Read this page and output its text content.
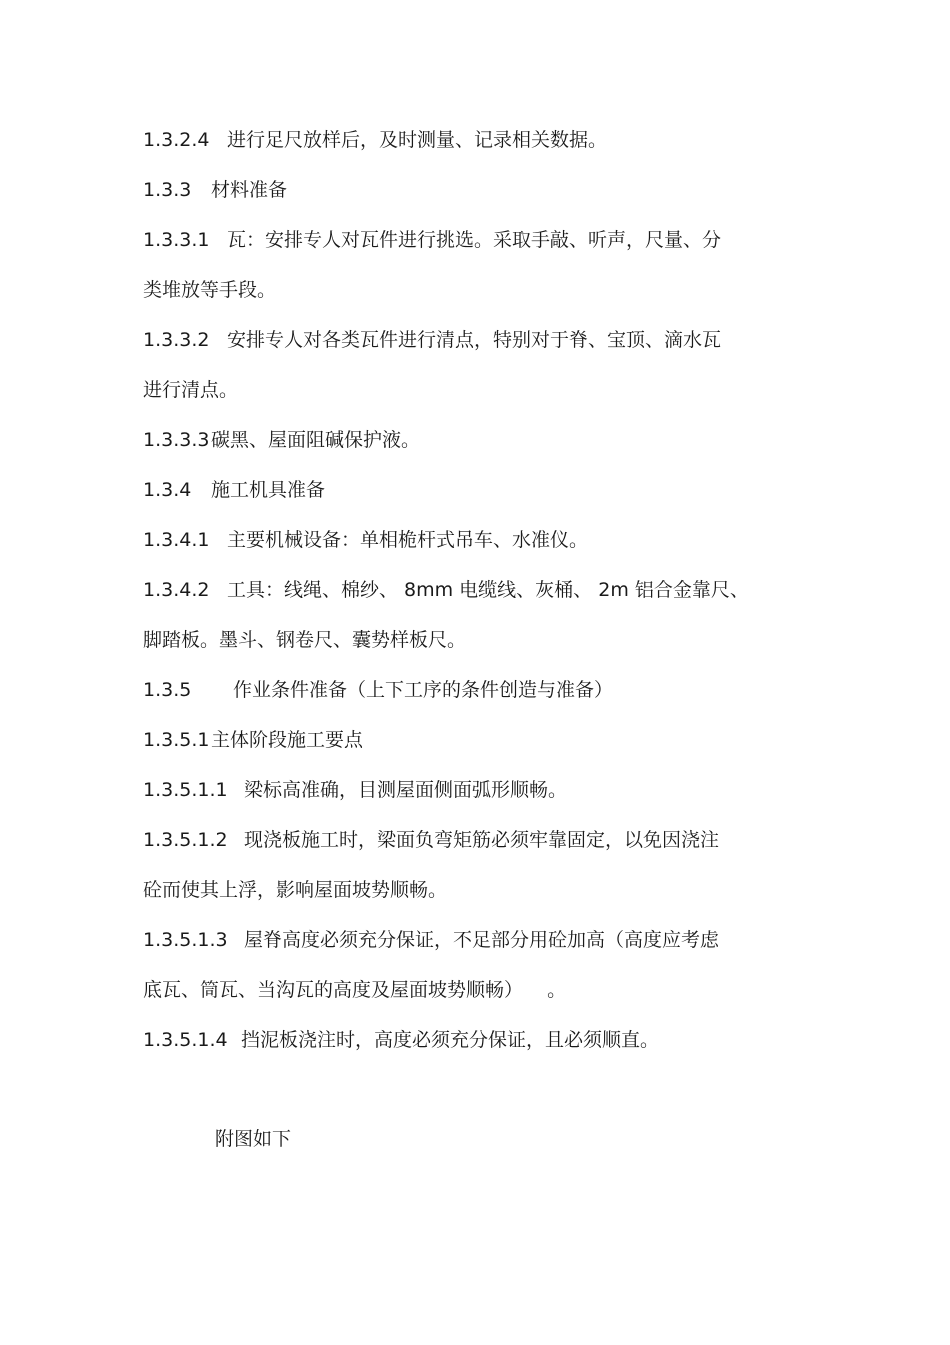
1.3.2.4 进行足尺放样后，及时测量、记录相关数据。
1.3.3 材料准备
1.3.3.1 瓦：安排专人对瓦件进行挑选。采取手敲、听声，尺量、分
类堆放等手段。
1.3.3.2 安排专人对各类瓦件进行清点，特别对于脊、宝顶、滴水瓦
进行清点。
1.3.3.3碳黑、屋面阻碱保护液。
1.3.4 施工机具准备
1.3.4.1 主要机械设备：单相桅杆式吊车、水准仪。
1.3.4.2 工具：线绳、棉纱、 8mm 电缆线、灰桶、 2m 铝合金靠尺、
脚踏板。墨斗、钢卷尺、囊势样板尺。
1.3.5 作业条件准备（上下工序的条件创造与准备）
1.3.5.1主体阶段施工要点
1.3.5.1.1 梁标高准确，目测屋面侧面弧形顺畅。
1.3.5.1.2 现浇板施工时，梁面负弯矩筋必须牢靠固定，以免因浇注
砼而使其上浮，影响屋面坡势顺畅。
1.3.5.1.3 屋脊高度必须充分保证，不足部分用砼加高（高度应考虑
底瓦、筒瓦、当沟瓦的高度及屋面坡势顺畅）    。
1.3.5.1.4 挡泥板浇注时，高度必须充分保证，且必须顺直。
附图如下
